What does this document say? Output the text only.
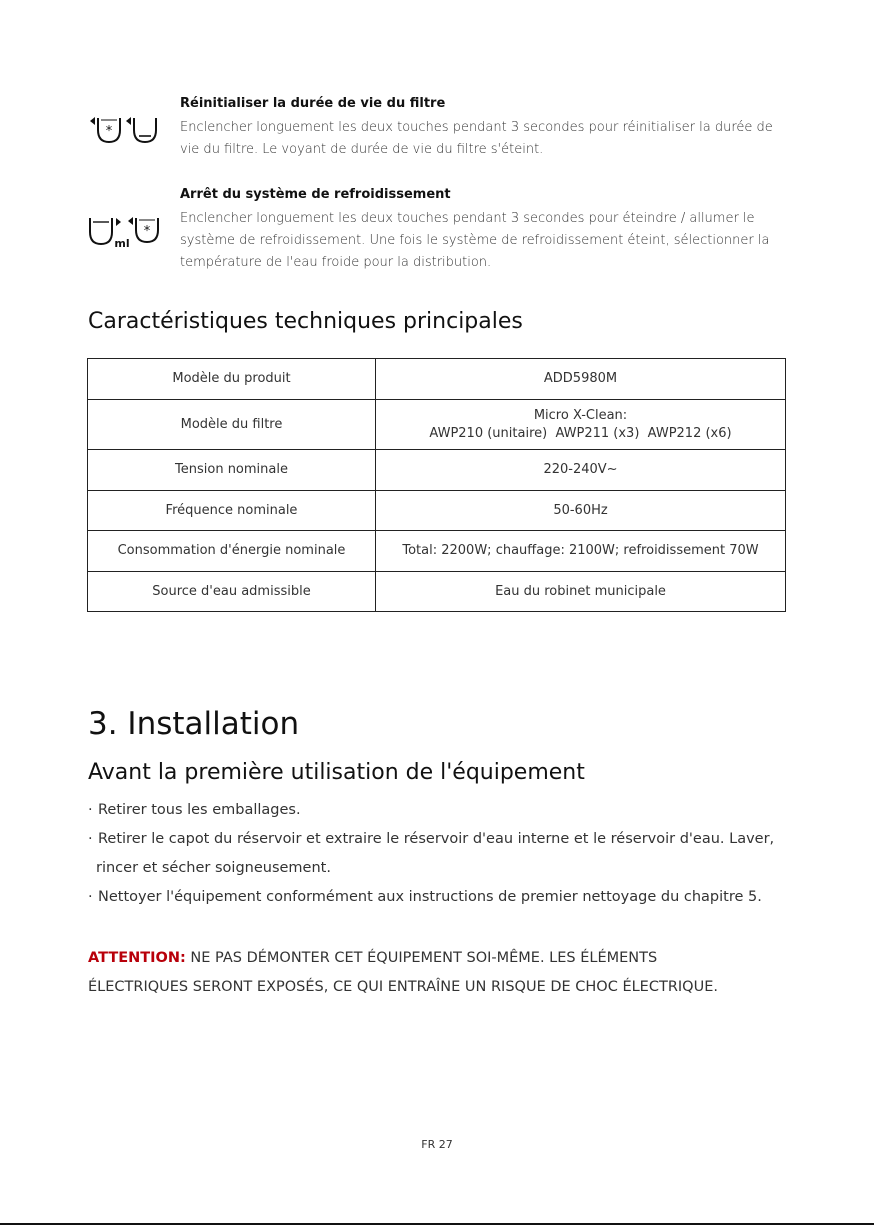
*
Réinitialiser la durée de vie du filtre
Enclencher longuement les deux touches pendant 3 secondes pour réinitialiser la durée de
vie du filtre. Le voyant de durée de vie du filtre s'éteint.
ml
*
Arrêt du système de refroidissement
Enclencher longuement les deux touches pendant 3 secondes pour éteindre / allumer le
système de refroidissement. Une fois le système de refroidissement éteint, sélectionner la
température de l'eau froide pour la distribution.
Caractéristiques techniques principales
Modèle du produit	ADD5980M
Modèle du filtre	Micro X-Clean:
AWP210 (unitaire)  AWP211 (x3)  AWP212 (x6)

Tension nominale	220-240V~
Fréquence nominale	50-60Hz
Consommation d'énergie nominale	Total: 2200W; chauffage: 2100W; refroidissement 70W
Source d'eau admissible	Eau du robinet municipale
3. Installation
Avant la première utilisation de l'équipement
· Retirer tous les emballages.
· Retirer le capot du réservoir et extraire le réservoir d'eau interne et le réservoir d'eau. Laver,
rincer et sécher soigneusement.
· Nettoyer l'équipement conformément aux instructions de premier nettoyage du chapitre 5.
ATTENTION: NE PAS DÉMONTER CET ÉQUIPEMENT SOI-MÊME. LES ÉLÉMENTS
ÉLECTRIQUES SERONT EXPOSÉS, CE QUI ENTRAÎNE UN RISQUE DE CHOC ÉLECTRIQUE.
FR 27
